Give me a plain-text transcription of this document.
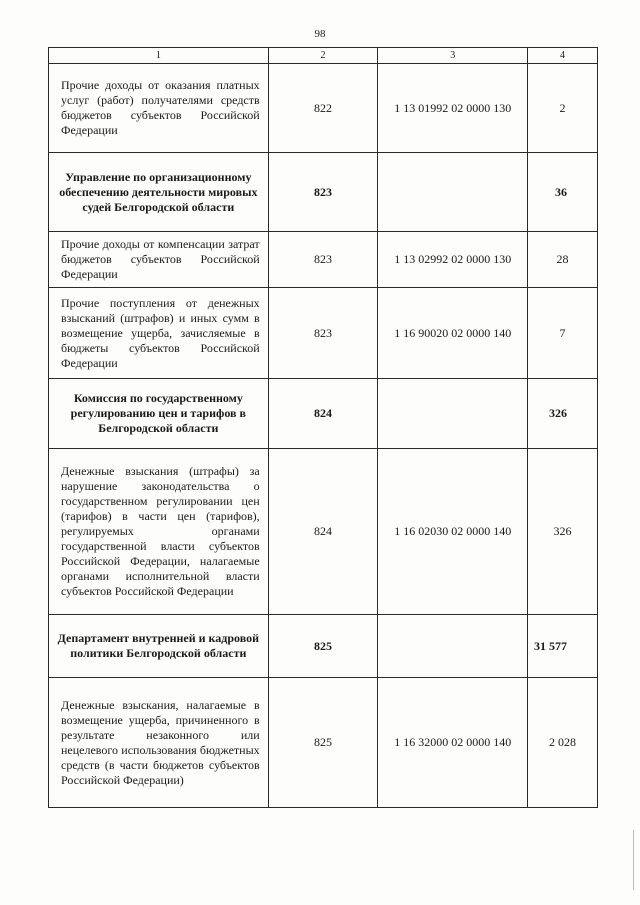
98
1	2	3	4
Прочие доходы от оказания платных услуг (работ) получателями средств бюджетов субъектов Российской Федерации	822	1 13 01992 02 0000 130	2
Управление по организационному обеспечению деятельности мировых судей Белгородской области	823		36
Прочие доходы от компенсации затрат бюджетов субъектов Российской Федерации	823	1 13 02992 02 0000 130	28
Прочие поступления от денежных взысканий (штрафов) и иных сумм в возмещение ущерба, зачисляемые в бюджеты субъектов Российской Федерации	823	1 16 90020 02 0000 140	7
Комиссия по государственному регулированию цен и тарифов в Белгородской области	824		326
Денежные взыскания (штрафы) за нарушение законодательства о государственном регулировании цен (тарифов) в части цен (тарифов), регулируемых органами государственной власти субъектов Российской Федерации, налагаемые органами исполнительной власти субъектов Российской Федерации	824	1 16 02030 02 0000 140	326
Департамент внутренней и кадровой политики Белгородской области	825		31 577
Денежные взыскания, налагаемые в возмещение ущерба, причиненного в результате незаконного или нецелевого использования бюджетных средств (в части бюджетов субъектов Российской Федерации)	825	1 16 32000 02 0000 140	2 028
